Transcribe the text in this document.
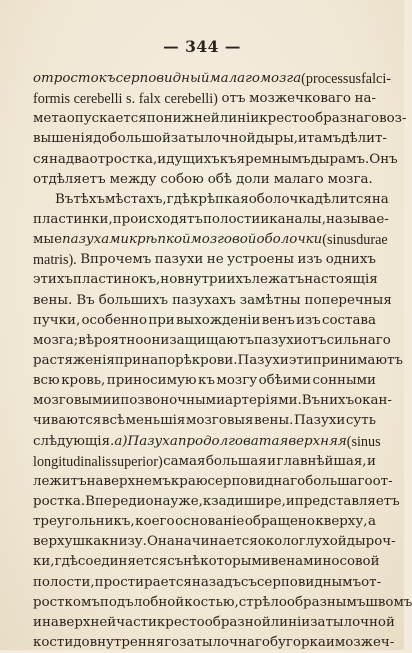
— 344 —
отростокъ серповидный малаго мозга (processus falci-
formis cerebelli s. falx cerebelli) отъ мозжечковаго на-
мета опускается по нижней линіи крестообразнаго воз-
вышенія до большой затылочной дыры, и тамъ дѣлит-
ся на два отростка, идущихъ къ яремнымъ дырамъ. Онъ
отдѣляетъ между собою обѣ доли малаго мозга.
Въ тѣхъ мѣстахъ, гдѣ крѣпкая оболочка дѣлится на
пластинки, происходятъ полости и каналы, называе-
мые пазухами крѣпкой мозговой оболочки (sinus durae
matris). Впрочемъ пазухи не устроены изъ однихъ
этихъ пластинокъ, но внутри ихъ лежатъ настоящія
вены. Въ большихъ пазухахъ замѣтны поперечныя
пучки, особенно при выхожденіи венъ изъ состава
мозга; вѣроятно они защищаютъ пазухи отъ сильнаго
растяженія при напорѣ крови. Пазухи эти принимаютъ
всю кровь, приносимую къ мозгу обѣими сонными
мозговыми и позвоночными артеріями. Въ нихъ окан-
чиваются всѣ меньшія мозговыя вены. Пазухи суть
слѣдующія. а) Пазуха продолговатая верхняя (sinus
longitudinalis superior) самая большая и главнѣйшая, и
лежитъ на верхнемъ краю серповиднаго большаго от-
ростка. Впереди она уже, кзади шире, и представляетъ
треугольникъ, коего основаніе обращено кверху, а
верхушка книзу. Она начинается около глухой дыроч-
ки, гдѣ соединяется съ нѣкоторыми венами носовой
полости, простирается назадъ съ серповиднымъ от-
росткомъ подъ лобной костью, стрѣлообразнымъ швомъ
и на верхней части крестообразной линіи затылочной
кости до внутренняго затылочнаго бугорка и мозжеч-
